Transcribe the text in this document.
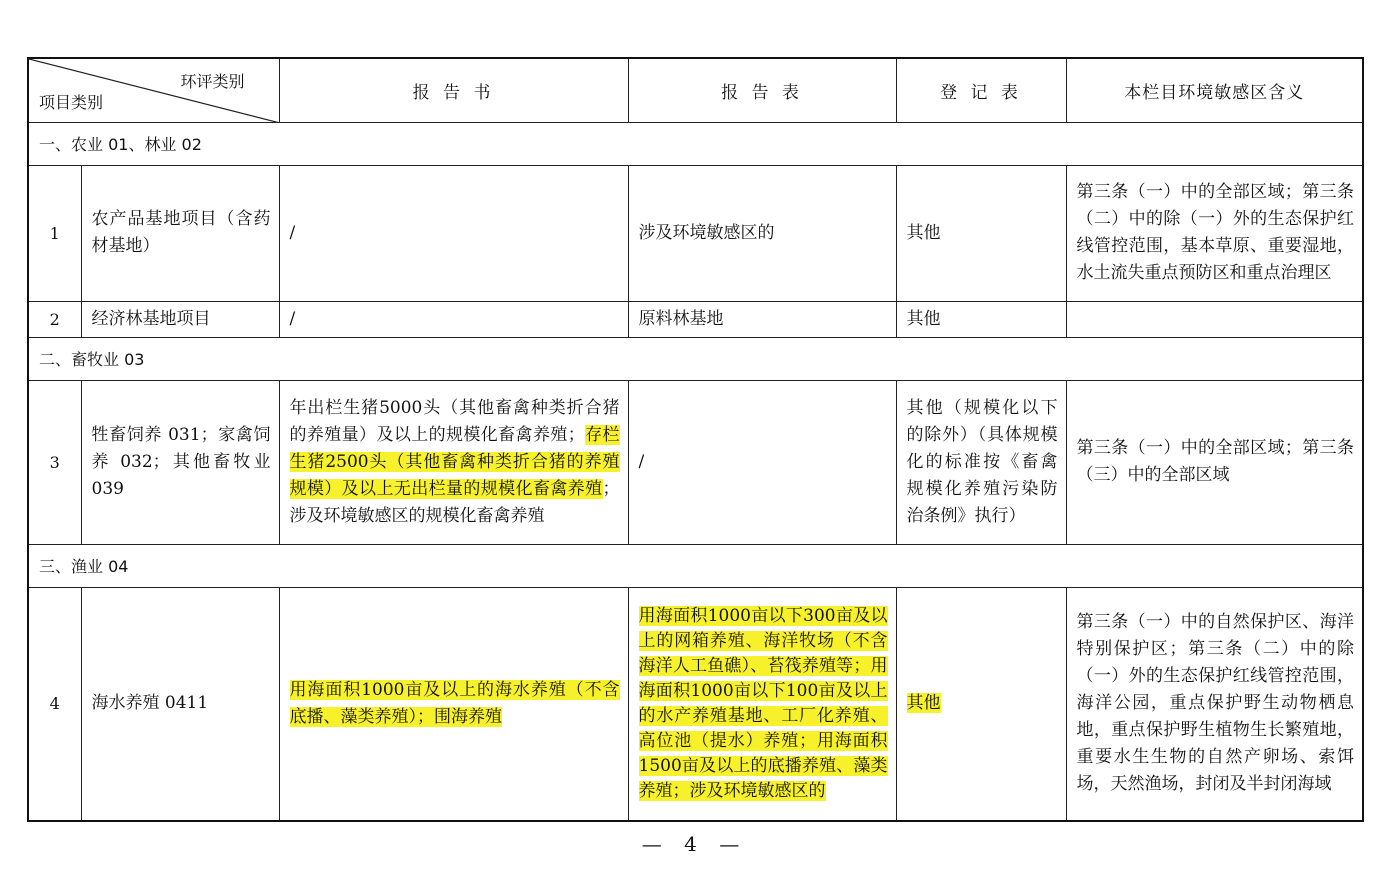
环评类别
项目类别		报 告 书	报 告 表	登 记 表	本栏目环境敏感区含义
一、农业 01、林业 02					
1	农产品基地项目（含药材基地）	/	涉及环境敏感区的	其他	第三条（一）中的全部区域；第三条（二）中的除（一）外的生态保护红线管控范围，基本草原、重要湿地，水土流失重点预防区和重点治理区
2	经济林基地项目	/	原料林基地	其他	
二、畜牧业 03					
3	牲畜饲养 031；家禽饲养 032；其他畜牧业 039	年出栏生猪5000头（其他畜禽种类折合猪的养殖量）及以上的规模化畜禽养殖；存栏生猪2500头（其他畜禽种类折合猪的养殖规模）及以上无出栏量的规模化畜禽养殖；涉及环境敏感区的规模化畜禽养殖	/	其他（规模化以下的除外）（具体规模化的标准按《畜禽规模化养殖污染防治条例》执行）	第三条（一）中的全部区域；第三条（三）中的全部区域
三、渔业 04					
4	海水养殖 0411	用海面积1000亩及以上的海水养殖（不含底播、藻类养殖）；围海养殖	用海面积1000亩以下300亩及以上的网箱养殖、海洋牧场（不含海洋人工鱼礁）、苔筏养殖等；用海面积1000亩以下100亩及以上的水产养殖基地、工厂化养殖、高位池（提水）养殖；用海面积1500亩及以上的底播养殖、藻类养殖；涉及环境敏感区的	其他	第三条（一）中的自然保护区、海洋特别保护区；第三条（二）中的除（一）外的生态保护红线管控范围，海洋公园，重点保护野生动物栖息地，重点保护野生植物生长繁殖地，重要水生生物的自然产卵场、索饵场，天然渔场，封闭及半封闭海域
— 4 —
